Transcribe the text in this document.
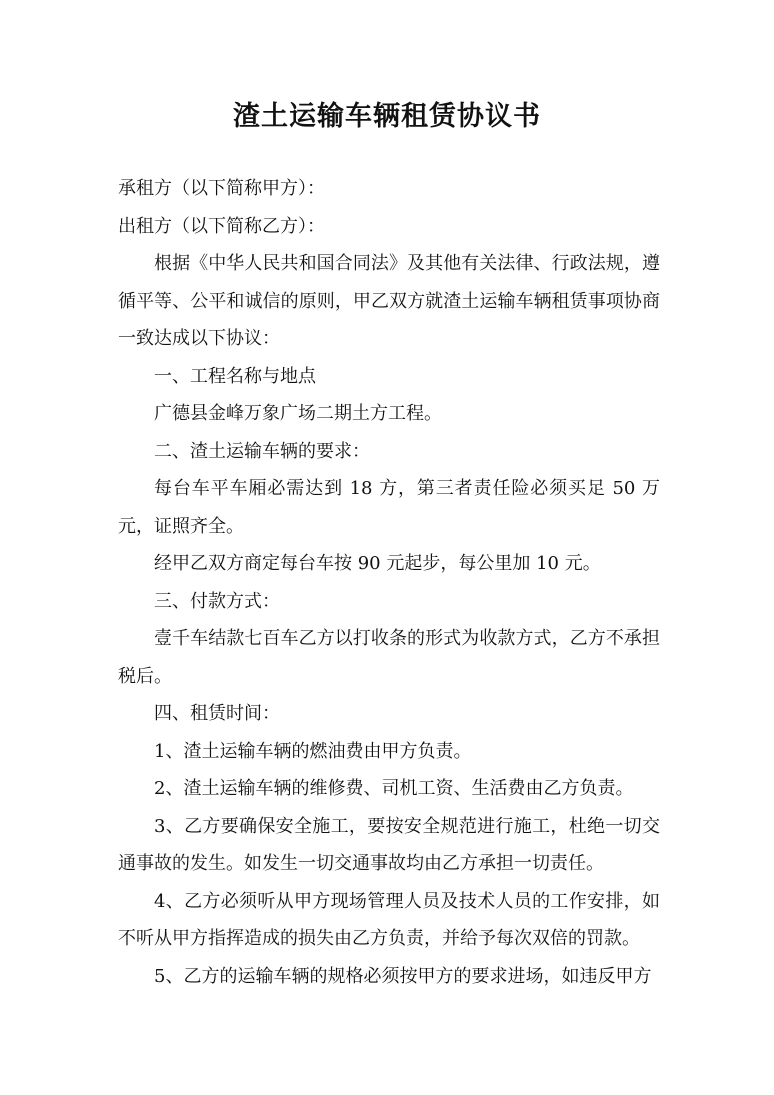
渣土运输车辆租赁协议书

承租方（以下简称甲方）：

出租方（以下简称乙方）：

根据《中华人民共和国合同法》及其他有关法律、行政法规，遵循平等、公平和诚信的原则，甲乙双方就渣土运输车辆租赁事项协商一致达成以下协议：

一、工程名称与地点

广德县金峰万象广场二期土方工程。

二、渣土运输车辆的要求：

每台车平车厢必需达到 18 方，第三者责任险必须买足 50 万元，证照齐全。

经甲乙双方商定每台车按 90 元起步，每公里加 10 元。

三、付款方式：

壹千车结款七百车乙方以打收条的形式为收款方式，乙方不承担税后。

四、租赁时间：

1、渣土运输车辆的燃油费由甲方负责。

2、渣土运输车辆的维修费、司机工资、生活费由乙方负责。

3、乙方要确保安全施工，要按安全规范进行施工，杜绝一切交通事故的发生。如发生一切交通事故均由乙方承担一切责任。

4、乙方必须听从甲方现场管理人员及技术人员的工作安排，如不听从甲方指挥造成的损失由乙方负责，并给予每次双倍的罚款。

5、乙方的运输车辆的规格必须按甲方的要求进场，如违反甲方
